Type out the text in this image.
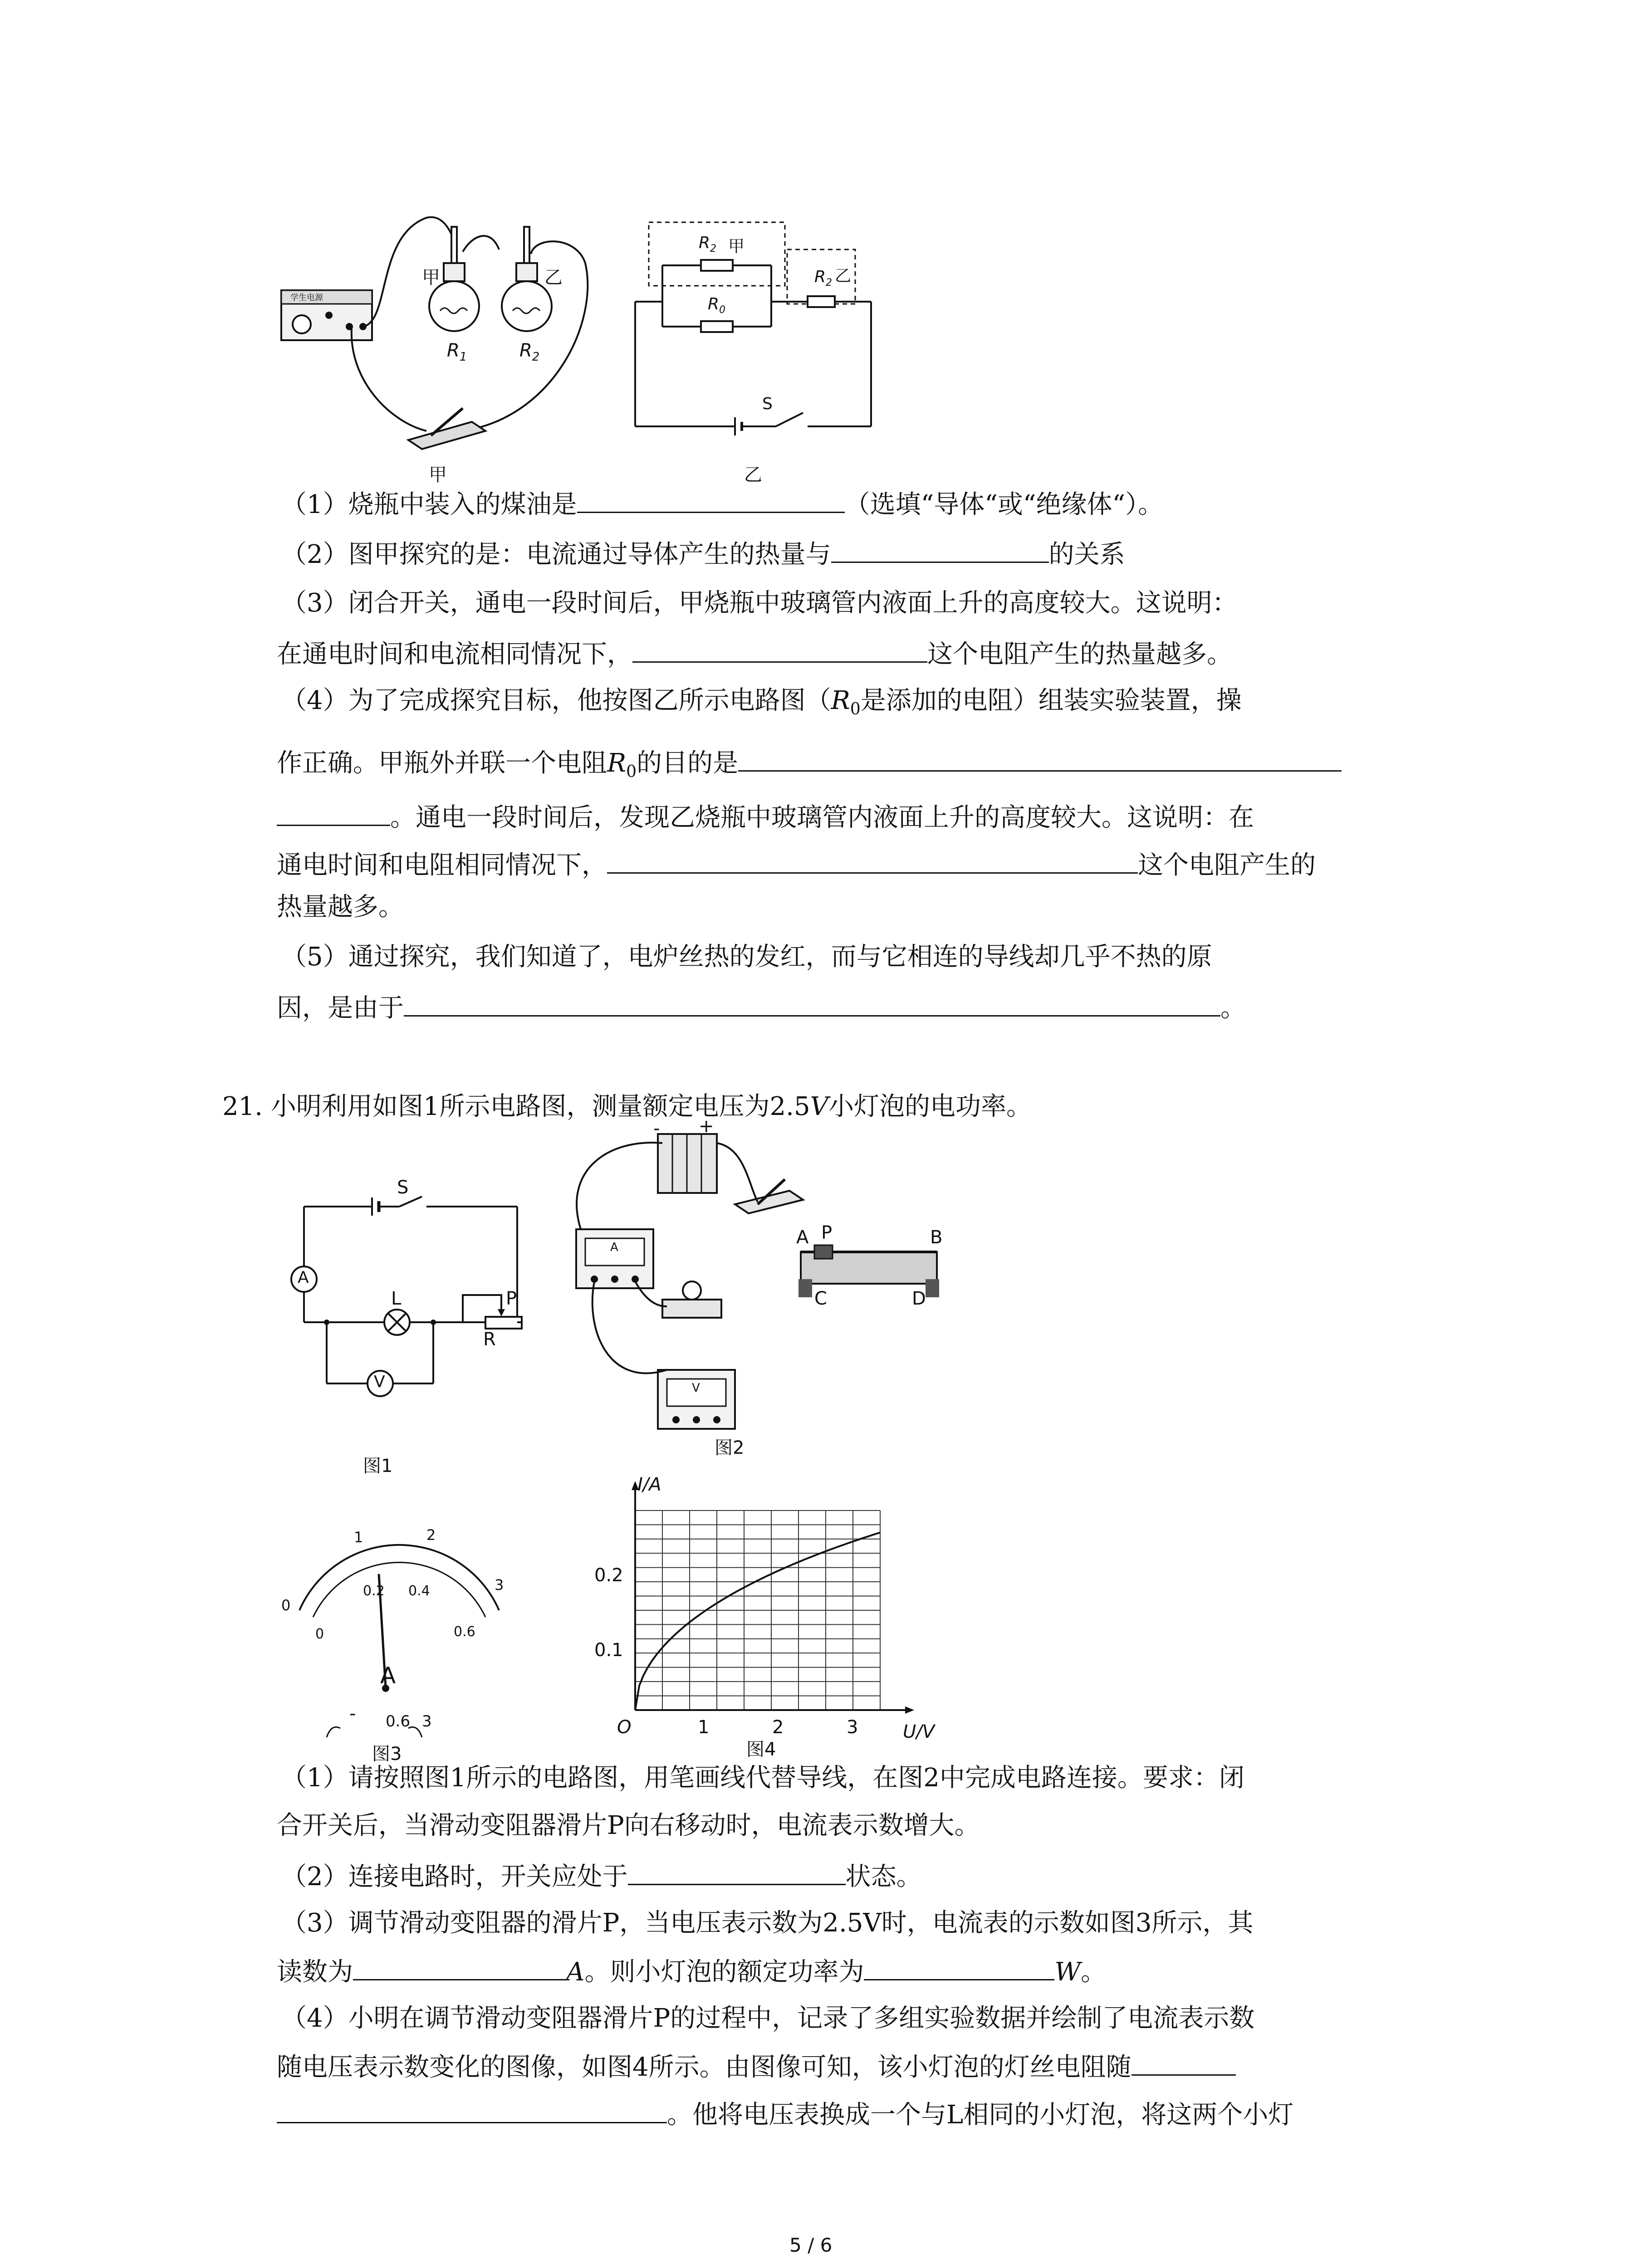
甲	乙
$R_1$	$R_2$
学生电源
甲
$R_2$ 甲
$R_0$
$R_2$ 乙
S
乙
（1）烧瓶中装入的煤油是	（选填“导体“或“绝缘体“）。
（2）图甲探究的是：电流通过导体产生的热量与	的关系
（3）闭合开关，通电一段时间后，甲烧瓶中玻璃管内液面上升的高度较大。这说明：
在通电时间和电流相同情况下，	这个电阻产生的热量越多。
（4）为了完成探究目标，他按图乙所示电路图（$R_0$是添加的电阻）组装实验装置，操
作正确。甲瓶外并联一个电阻$R_0$的目的是
。通电一段时间后，发现乙烧瓶中玻璃管内液面上升的高度较大。这说明：在
通电时间和电阻相同情况下，	这个电阻产生的
热量越多。
（5）通过探究，我们知道了，电炉丝热的发红，而与它相连的导线却几乎不热的原
因，是由于	。
21. 小明利用如图1所示电路图，测量额定电压为2.5V小灯泡的电功率。
S
A
L
V
P
R
图1
- +
A
V
A P	B
C	D
图2
0
1	2
3
0
0.2 0.4
0.6
A
- 0.6 3
图3
I/A
U/V
O	1	2	3
0.1
0.2
图4
（1）请按照图1所示的电路图，用笔画线代替导线，在图2中完成电路连接。要求：闭
合开关后，当滑动变阻器滑片P向右移动时，电流表示数增大。
（2）连接电路时，开关应处于	状态。
（3）调节滑动变阻器的滑片P，当电压表示数为2.5V时，电流表的示数如图3所示，其
读数为	A。则小灯泡的额定功率为	W。
（4）小明在调节滑动变阻器滑片P的过程中，记录了多组实验数据并绘制了电流表示数
随电压表示数变化的图像，如图4所示。由图像可知，该小灯泡的灯丝电阻随
。他将电压表换成一个与L相同的小灯泡，将这两个小灯
5 / 6
